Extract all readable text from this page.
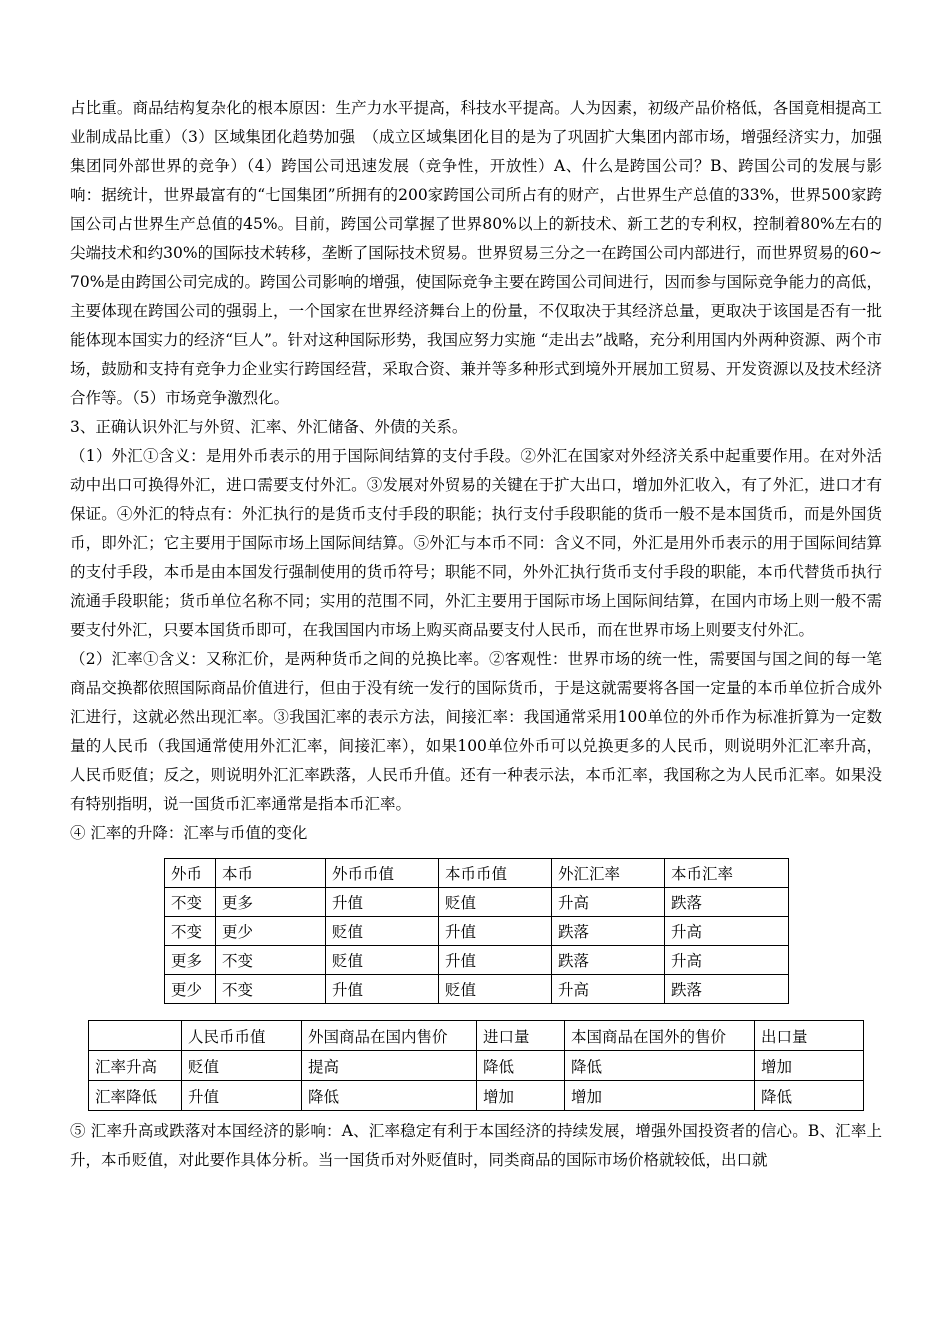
占比重。商品结构复杂化的根本原因：生产力水平提高，科技水平提高。人为因素，初级产品价格低，各国竟相提高工业制成品比重）（3）区域集团化趋势加强　（成立区域集团化目的是为了巩固扩大集团内部市场，增强经济实力，加强集团同外部世界的竞争）（4）跨国公司迅速发展（竞争性，开放性）A、什么是跨国公司？B、跨国公司的发展与影响：据统计，世界最富有的“七国集团”所拥有的200家跨国公司所占有的财产，占世界生产总值的33%，世界500家跨国公司占世界生产总值的45%。目前，跨国公司掌握了世界80%以上的新技术、新工艺的专利权，控制着80%左右的尖端技术和约30%的国际技术转移，垄断了国际技术贸易。世界贸易三分之一在跨国公司内部进行，而世界贸易的60~70%是由跨国公司完成的。跨国公司影响的增强，使国际竞争主要在跨国公司间进行，因而参与国际竞争能力的高低，主要体现在跨国公司的强弱上，一个国家在世界经济舞台上的份量，不仅取决于其经济总量，更取决于该国是否有一批能体现本国实力的经济“巨人”。针对这种国际形势，我国应努力实施 “走出去”战略，充分利用国内外两种资源、两个市场，鼓励和支持有竞争力企业实行跨国经营，采取合资、兼并等多种形式到境外开展加工贸易、开发资源以及技术经济合作等。（5）市场竞争激烈化。

3、正确认识外汇与外贸、汇率、外汇储备、外债的关系。

（1）外汇①含义：是用外币表示的用于国际间结算的支付手段。②外汇在国家对外经济关系中起重要作用。在对外活动中出口可换得外汇，进口需要支付外汇。③发展对外贸易的关键在于扩大出口，增加外汇收入，有了外汇，进口才有保证。④外汇的特点有：外汇执行的是货币支付手段的职能；执行支付手段职能的货币一般不是本国货币，而是外国货币，即外汇；它主要用于国际市场上国际间结算。⑤外汇与本币不同：含义不同，外汇是用外币表示的用于国际间结算的支付手段，本币是由本国发行强制使用的货币符号；职能不同，外外汇执行货币支付手段的职能，本币代替货币执行流通手段职能；货币单位名称不同；实用的范围不同，外汇主要用于国际市场上国际间结算，在国内市场上则一般不需要支付外汇，只要本国货币即可，在我国国内市场上购买商品要支付人民币，而在世界市场上则要支付外汇。

（2）汇率①含义：又称汇价，是两种货币之间的兑换比率。②客观性：世界市场的统一性，需要国与国之间的每一笔商品交换都依照国际商品价值进行，但由于没有统一发行的国际货币，于是这就需要将各国一定量的本币单位折合成外汇进行，这就必然出现汇率。③我国汇率的表示方法，间接汇率：我国通常采用100单位的外币作为标准折算为一定数量的人民币（我国通常使用外汇汇率，间接汇率），如果100单位外币可以兑换更多的人民币，则说明外汇汇率升高，人民币贬值；反之，则说明外汇汇率跌落，人民币升值。还有一种表示法，本币汇率，我国称之为人民币汇率。如果没有特别指明，说一国货币汇率通常是指本币汇率。

④ 汇率的升降：汇率与币值的变化

外币	本币	外币币值	本币币值	外汇汇率	本币汇率
不变	更多	升值	贬值	升高	跌落
不变	更少	贬值	升值	跌落	升高
更多	不变	贬值	升值	跌落	升高
更少	不变	升值	贬值	升高	跌落
	人民币币值	外国商品在国内售价	进口量	本国商品在国外的售价	出口量
汇率升高	贬值	提高	降低	降低	增加
汇率降低	升值	降低	增加	增加	降低

⑤ 汇率升高或跌落对本国经济的影响：A、汇率稳定有利于本国经济的持续发展，增强外国投资者的信心。B、汇率上升，本币贬值，对此要作具体分析。当一国货币对外贬值时，同类商品的国际市场价格就较低，出口就
